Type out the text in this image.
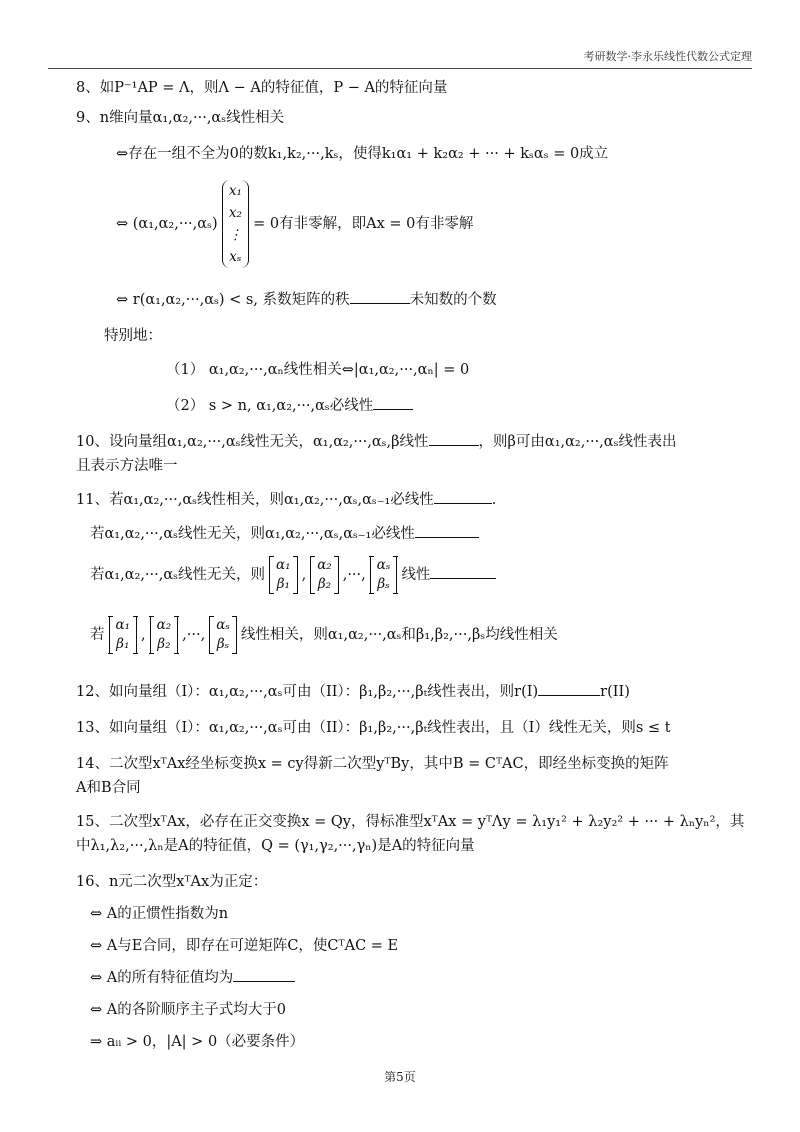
考研数学·李永乐线性代数公式定理
8、如P⁻¹AP = Λ，则Λ − A的特征值，P − A的特征向量
9、n维向量α₁,α₂,···,αₛ线性相关
⇔存在一组不全为0的数k₁,k₂,···,kₛ，使得k₁α₁ + k₂α₂ + ··· + kₛαₛ = 0成立
⇔ (α₁,α₂,···,αₛ)
x₁
x₂
⋮
xₛ
= 0有非零解，即Ax = 0有非零解
⇔ r(α₁,α₂,···,αₛ) < s, 系数矩阵的秩	未知数的个数
特别地：
（1） α₁,α₂,···,αₙ线性相关⇔|α₁,α₂,···,αₙ| = 0
（2） s > n, α₁,α₂,···,αₛ必线性
10、设向量组α₁,α₂,···,αₛ线性无关，α₁,α₂,···,αₛ,β线性	，则β可由α₁,α₂,···,αₛ线性表出
且表示方法唯一
11、若α₁,α₂,···,αₛ线性相关，则α₁,α₂,···,αₛ,αₛ₋₁必线性	.
若α₁,α₂,···,αₛ线性无关，则α₁,α₂,···,αₛ,αₛ₋₁必线性
若α₁,α₂,···,αₛ线性无关，则
α₁
β₁
,
α₂
β₂
,···,
αₛ
βₛ
线性
若
α₁
β₁
,
α₂
β₂
,···,
αₛ
βₛ
线性相关，则α₁,α₂,···,αₛ和β₁,β₂,···,βₛ均线性相关
12、如向量组（I）：α₁,α₂,···,αₛ可由（II）：β₁,β₂,···,βₜ线性表出，则r(I)	r(II)
13、如向量组（I）：α₁,α₂,···,αₛ可由（II）：β₁,β₂,···,βₜ线性表出，且（I）线性无关，则s ≤ t
14、二次型xᵀAx经坐标变换x = cy得新二次型yᵀBy，其中B = CᵀAC，即经坐标变换的矩阵
A和B合同
15、二次型xᵀAx，必存在正交变换x = Qy，得标准型xᵀAx = yᵀΛy = λ₁y₁² + λ₂y₂² + ··· + λₙyₙ²，其
中λ₁,λ₂,···,λₙ是A的特征值，Q = (γ₁,γ₂,···,γₙ)是A的特征向量
16、n元二次型xᵀAx为正定：
⇔ A的正惯性指数为n
⇔ A与E合同，即存在可逆矩阵C，使CᵀAC = E
⇔ A的所有特征值均为
⇔ A的各阶顺序主子式均大于0
⇒ aᵢᵢ > 0，|A| > 0（必要条件）
第5页
